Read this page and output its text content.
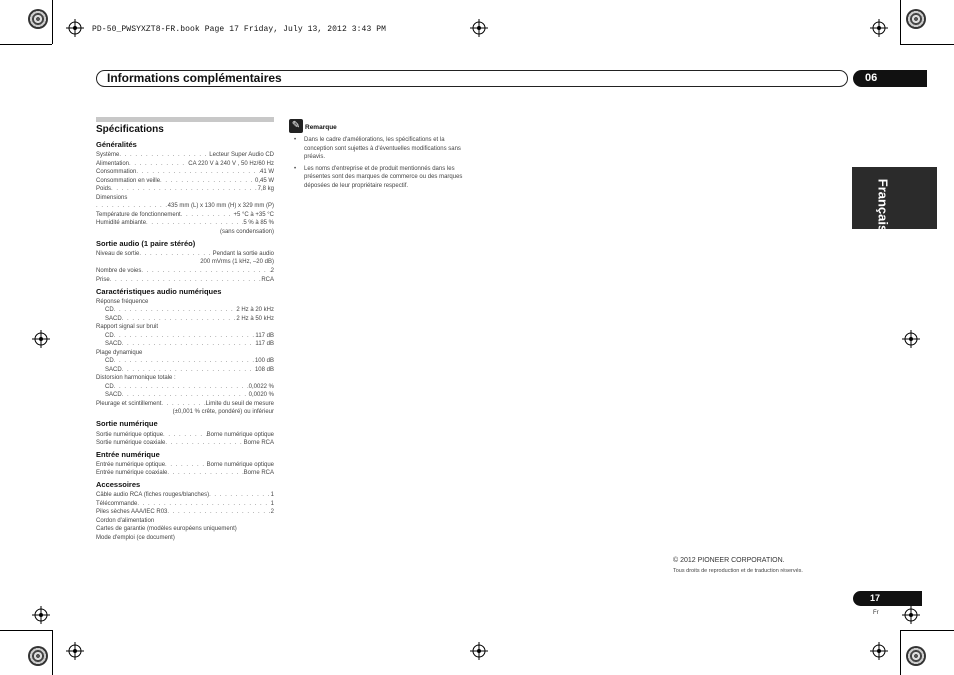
PD-50_PWSYXZT8-FR.book Page 17 Friday, July 13, 2012 3:43 PM
Informations complémentaires	06
Français
Spécifications
Généralités
Système . . .	Lecteur Super Audio CD
Alimentation . . .	CA 220 V à 240 V , 50 Hz/60 Hz
Consommation . . .	41 W
Consommation en veille . . .	0,45 W
Poids . . .	7,8 kg
Dimensions
. . .
435 mm (L) x 130 mm (H) x 329 mm (P)
Température de fonctionnement . . .	+5 °C à +35 °C
Humidité ambiante . . .	5 % à 85 %
(sans condensation)
Sortie audio (1 paire stéréo)
Niveau de sortie . . .	Pendant la sortie audio
200 mVrms (1 kHz, –20 dB)
Nombre de voies . . .	2
Prise . . .	RCA
Caractéristiques audio numériques
Réponse fréquence
CD . . .	2 Hz à 20 kHz
SACD . . .	2 Hz à 50 kHz
Rapport signal sur bruit
CD . . .	117 dB
SACD . . .	117 dB
Plage dynamique
CD . . .	100 dB
SACD . . .	108 dB
Distorsion harmonique totale :
CD . . .	0,0022 %
SACD . . .	0,0020 %
Pleurage et scintillement . . .	Limite du seuil de mesure
(±0,001 % crête, pondéré) ou inférieur
Sortie numérique
Sortie numérique optique . . .	Borne numérique optique
Sortie numérique coaxiale . . .	Borne RCA
Entrée numérique
Entrée numérique optique . . .	Borne numérique optique
Entrée numérique coaxiale . . .	Borne RCA
Accessoires
Câble audio RCA (fiches rouges/blanches) . . .	1
Télécommande . . .	1
Piles sèches AAA/IEC R03 . . .	2
Cordon d'alimentation
Cartes de garantie (modèles européens uniquement)
Mode d'emploi (ce document)
✎ Remarque
• Dans le cadre d'améliorations, les spécifications et la conception sont sujettes à d'éventuelles modifications sans préavis.
• Les noms d'entreprise et de produit mentionnés dans les présentes sont des marques de commerce ou des marques déposées de leur propriétaire respectif.
© 2012 PIONEER CORPORATION.
Tous droits de reproduction et de traduction réservés.
17
Fr
